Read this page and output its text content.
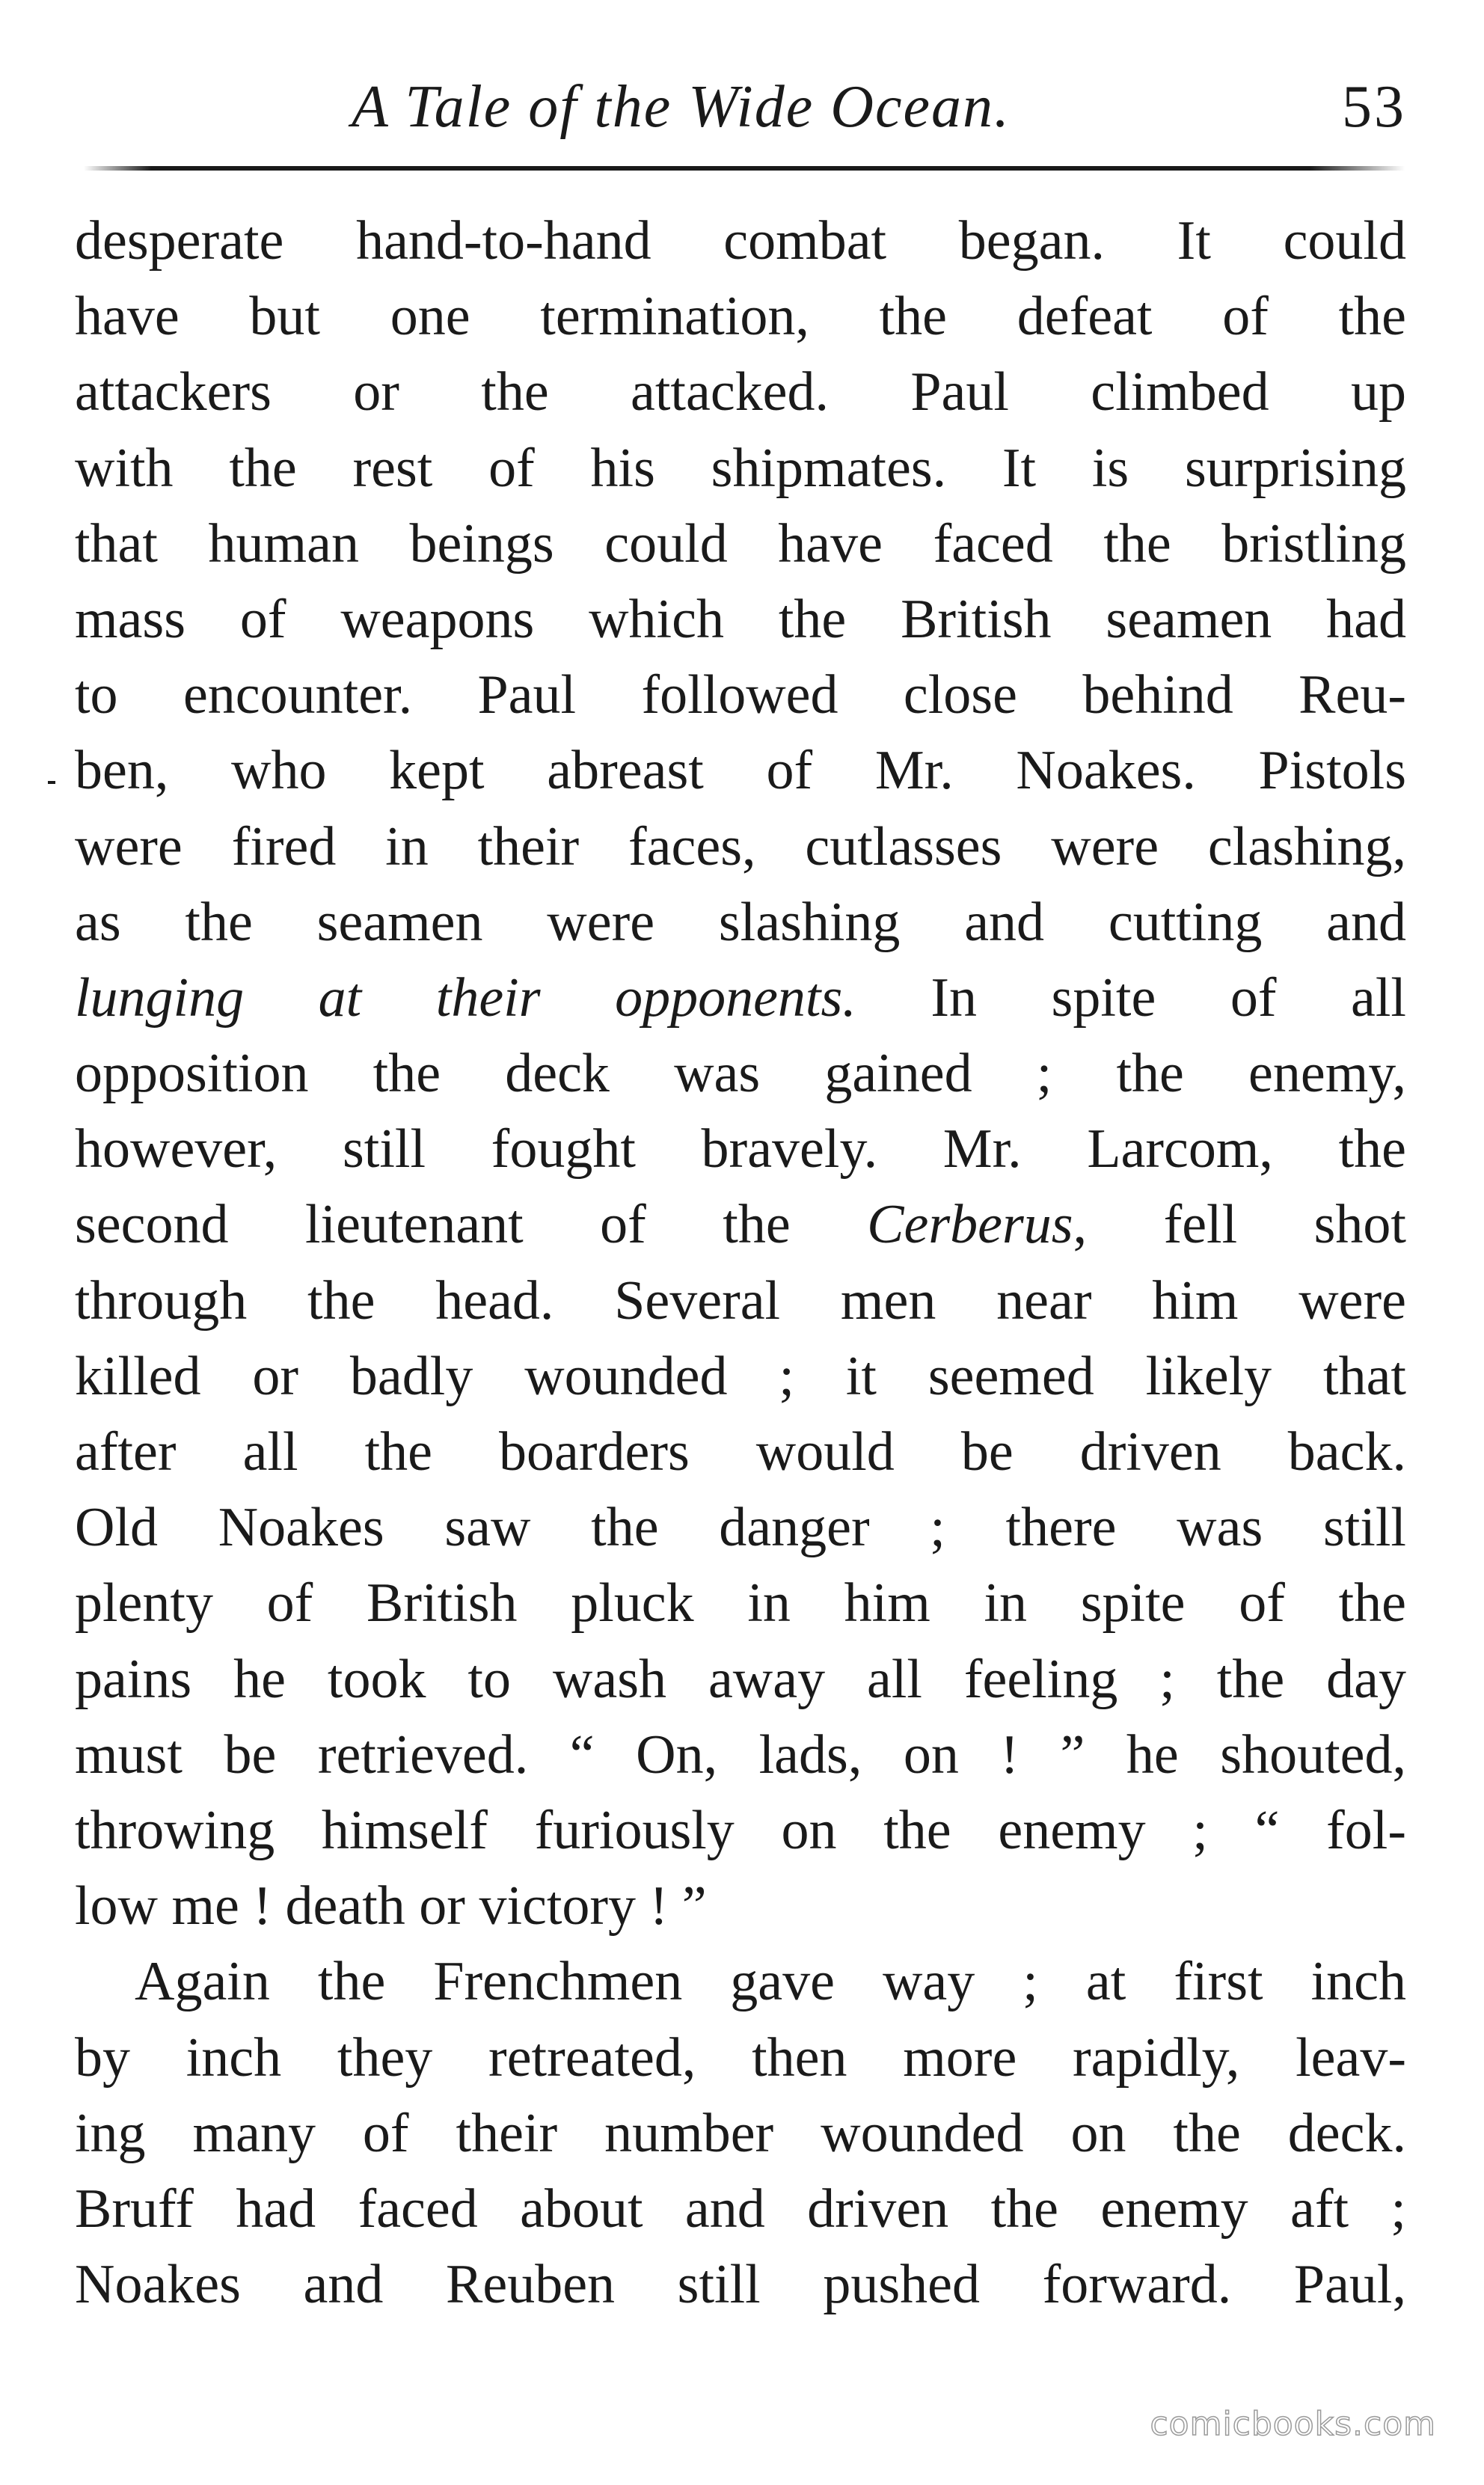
A Tale of the Wide Ocean.	53
desperate hand-to-hand combat began. It could
have but one termination, the defeat of the
attackers or the attacked. Paul climbed up
with the rest of his shipmates. It is surprising
that human beings could have faced the bristling
mass of weapons which the British seamen had
to encounter. Paul followed close behind Reu-
ben, who kept abreast of Mr. Noakes. Pistols
were fired in their faces, cutlasses were clashing,
as the seamen were slashing and cutting and
lunging at their opponents. In spite of all
opposition the deck was gained ; the enemy,
however, still fought bravely. Mr. Larcom, the
second lieutenant of the Cerberus, fell shot
through the head. Several men near him were
killed or badly wounded ; it seemed likely that
after all the boarders would be driven back.
Old Noakes saw the danger ; there was still
plenty of British pluck in him in spite of the
pains he took to wash away all feeling ; the day
must be retrieved. “ On, lads, on ! ” he shouted,
throwing himself furiously on the enemy ; “ fol-
low me ! death or victory ! ”
Again the Frenchmen gave way ; at first inch
by inch they retreated, then more rapidly, leav-
ing many of their number wounded on the deck.
Bruff had faced about and driven the enemy aft ;
Noakes and Reuben still pushed forward. Paul,
comicbooks.com
